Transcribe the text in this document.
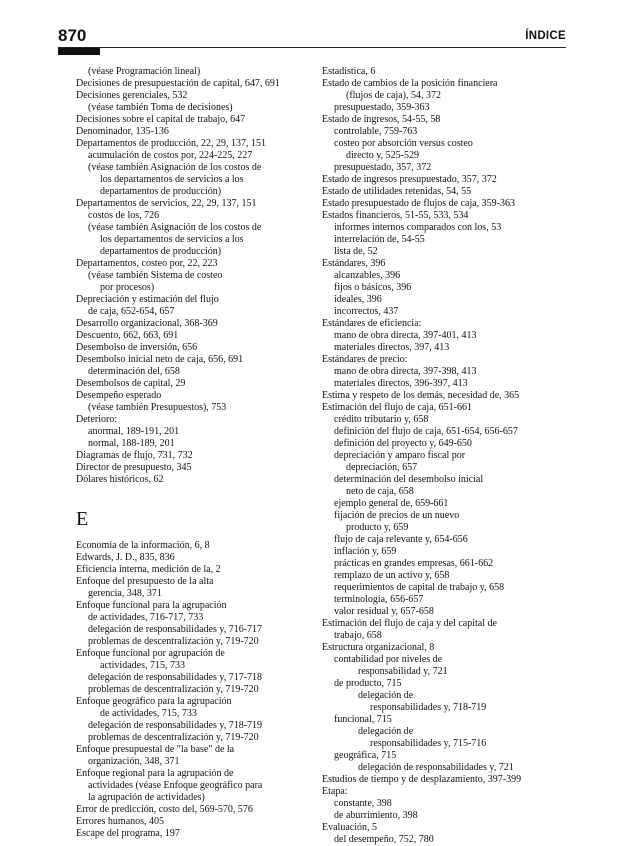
870	ÍNDICE
(véase Programación lineal)
Decisiones de presupuestación de capital, 647, 691
Decisiones gerenciales, 532
(véase también Toma de decisiones)
Decisiones sobre el capital de trabajo, 647
Denominador, 135-136
Departamentos de producción, 22, 29, 137, 151
acumulación de costos por, 224-225, 227
(véase también Asignación de los costos de
los departamentos de servicios a los
departamentos de producción)
Departamentos de servicios, 22, 29, 137, 151
costos de los, 726
(véase también Asignación de los costos de
los departamentos de servicios a los
departamentos de producción)
Departamentos, costeo por, 22, 223
(véase también Sistema de costeo
por procesos)
Depreciación y estimación del flujo
de caja, 652-654, 657
Desarrollo organizacional, 368-369
Descuento, 662, 663, 691
Desembolso de inversión, 656
Desembolso inicial neto de caja, 656, 691
determinación del, 658
Desembolsos de capital, 29
Desempeño esperado
(véase también Presupuestos), 753
Deterioro:
anormal, 189-191, 201
normal, 188-189, 201
Diagramas de flujo, 731, 732
Director de presupuesto, 345
Dólares históricos, 62
E
Economía de la información, 6, 8
Edwards, J. D., 835, 836
Eficiencia interna, medición de la, 2
Enfoque del presupuesto de la alta
gerencia, 348, 371
Enfoque funcional para la agrupación
de actividades, 716-717, 733
delegación de responsabilidades y, 716-717
problemas de descentralización y, 719-720
Enfoque funcional por agrupación de
actividades, 715, 733
delegación de responsabilidades y, 717-718
problemas de descentralización y, 719-720
Enfoque geográfico para la agrupación
de actividades, 715, 733
delegación de responsabilidades y, 718-719
problemas de descentralización y, 719-720
Enfoque presupuestal de "la base" de la
organización, 348, 371
Enfoque regional para la agrupación de
actividades (véase Enfoque geográfico para
la agrupación de actividades)
Error de predicción, costo del, 569-570, 576
Errores humanos, 405
Escape del programa, 197
Estadística, 6
Estado de cambios de la posición financiera
(flujos de caja), 54, 372
presupuestado, 359-363
Estado de ingresos, 54-55, 58
controlable, 759-763
costeo por absorción versus costeo
directo y, 525-529
presupuestado, 357, 372
Estado de ingresos presupuestado, 357, 372
Estado de utilidades retenidas, 54, 55
Estado presupuestado de flujos de caja, 359-363
Estados financieros, 51-55, 533, 534
informes internos comparados con los, 53
interrelación de, 54-55
lista de, 52
Estándares, 396
alcanzables, 396
fijos o básicos, 396
ideales, 396
incorrectos, 437
Estándares de eficiencia:
mano de obra directa, 397-401, 413
materiales directos, 397, 413
Estándares de precio:
mano de obra directa, 397-398, 413
materiales directos, 396-397, 413
Estima y respeto de los demás, necesidad de, 365
Estimación del flujo de caja, 651-661
crédito tributario y, 658
definición del flujo de caja, 651-654, 656-657
definición del proyecto y, 649-650
depreciación y amparo fiscal por
depreciación, 657
determinación del desembolso inicial
neto de caja, 658
ejemplo general de, 659-661
fijación de precios de un nuevo
producto y, 659
flujo de caja relevante y, 654-656
inflación y, 659
prácticas en grandes empresas, 661-662
remplazo de un activo y, 658
requerimientos de capital de trabajo y, 658
terminología, 656-657
valor residual y, 657-658
Estimación del flujo de caja y del capital de
trabajo, 658
Estructura organizacional, 8
contabilidad por niveles de
responsabilidad y, 721
de producto, 715
delegación de
responsabilidades y, 718-719
funcional, 715
delegación de
responsabilidades y, 715-716
geográfica, 715
delegación de responsabilidades y, 721
Estudios de tiempo y de desplazamiento, 397-399
Etapa:
constante, 398
de aburrimiento, 398
Evaluación, 5
del desempeño, 752, 780
